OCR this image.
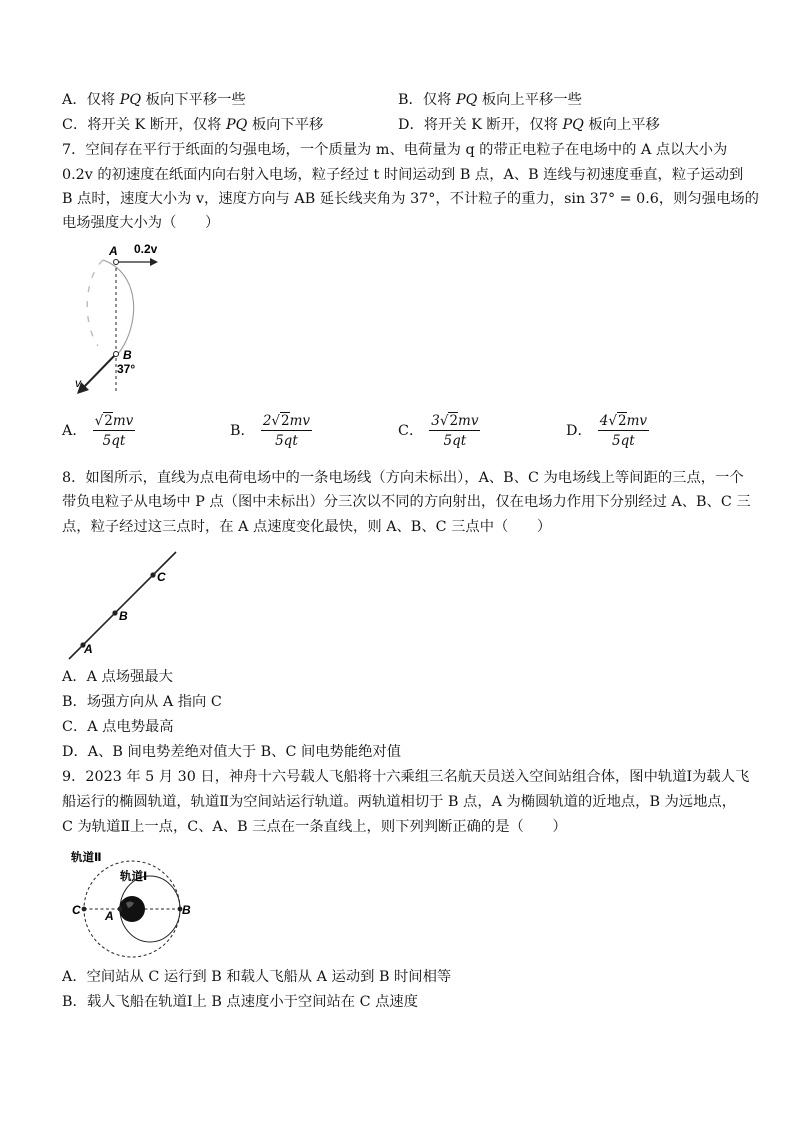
A．仅将 PQ 板向下平移一些	B．仅将 PQ 板向上平移一些
C．将开关 K 断开，仅将 PQ 板向下平移	D．将开关 K 断开，仅将 PQ 板向上平移
7．空间存在平行于纸面的匀强电场，一个质量为 m、电荷量为 q 的带正电粒子在电场中的 A 点以大小为
0.2v 的初速度在纸面内向右射入电场，粒子经过 t 时间运动到 B 点，A、B 连线与初速度垂直，粒子运动到
B 点时，速度大小为 v，速度方向与 AB 延长线夹角为 37°，不计粒子的重力，sin 37° = 0.6，则匀强电场的
电场强度大小为（　　）
A 0.2v
B
37°
v
A． $\frac{√2mv}{5qt}$	B． $\frac{2√2mv}{5qt}$	C． $\frac{3√2mv}{5qt}$	D． $\frac{4√2mv}{5qt}$
8．如图所示，直线为点电荷电场中的一条电场线（方向未标出），A、B、C 为电场线上等间距的三点，一个
带负电粒子从电场中 P 点（图中未标出）分三次以不同的方向射出，仅在电场力作用下分别经过 A、B、C 三
点，粒子经过这三点时，在 A 点速度变化最快，则 A、B、C 三点中（　　）
A
B
C
A．A 点场强最大
B．场强方向从 A 指向 C
C．A 点电势最高
D．A、B 间电势差绝对值大于 B、C 间电势能绝对值
9．2023 年 5 月 30 日，神舟十六号载人飞船将十六乘组三名航天员送入空间站组合体，图中轨道Ⅰ为载人飞
船运行的椭圆轨道，轨道Ⅱ为空间站运行轨道。两轨道相切于 B 点，A 为椭圆轨道的近地点，B 为远地点，
C 为轨道Ⅱ上一点，C、A、B 三点在一条直线上，则下列判断正确的是（　　）
轨道Ⅱ
轨道Ⅰ
C A	B
A．空间站从 C 运行到 B 和载人飞船从 A 运动到 B 时间相等
B．载人飞船在轨道Ⅰ上 B 点速度小于空间站在 C 点速度
